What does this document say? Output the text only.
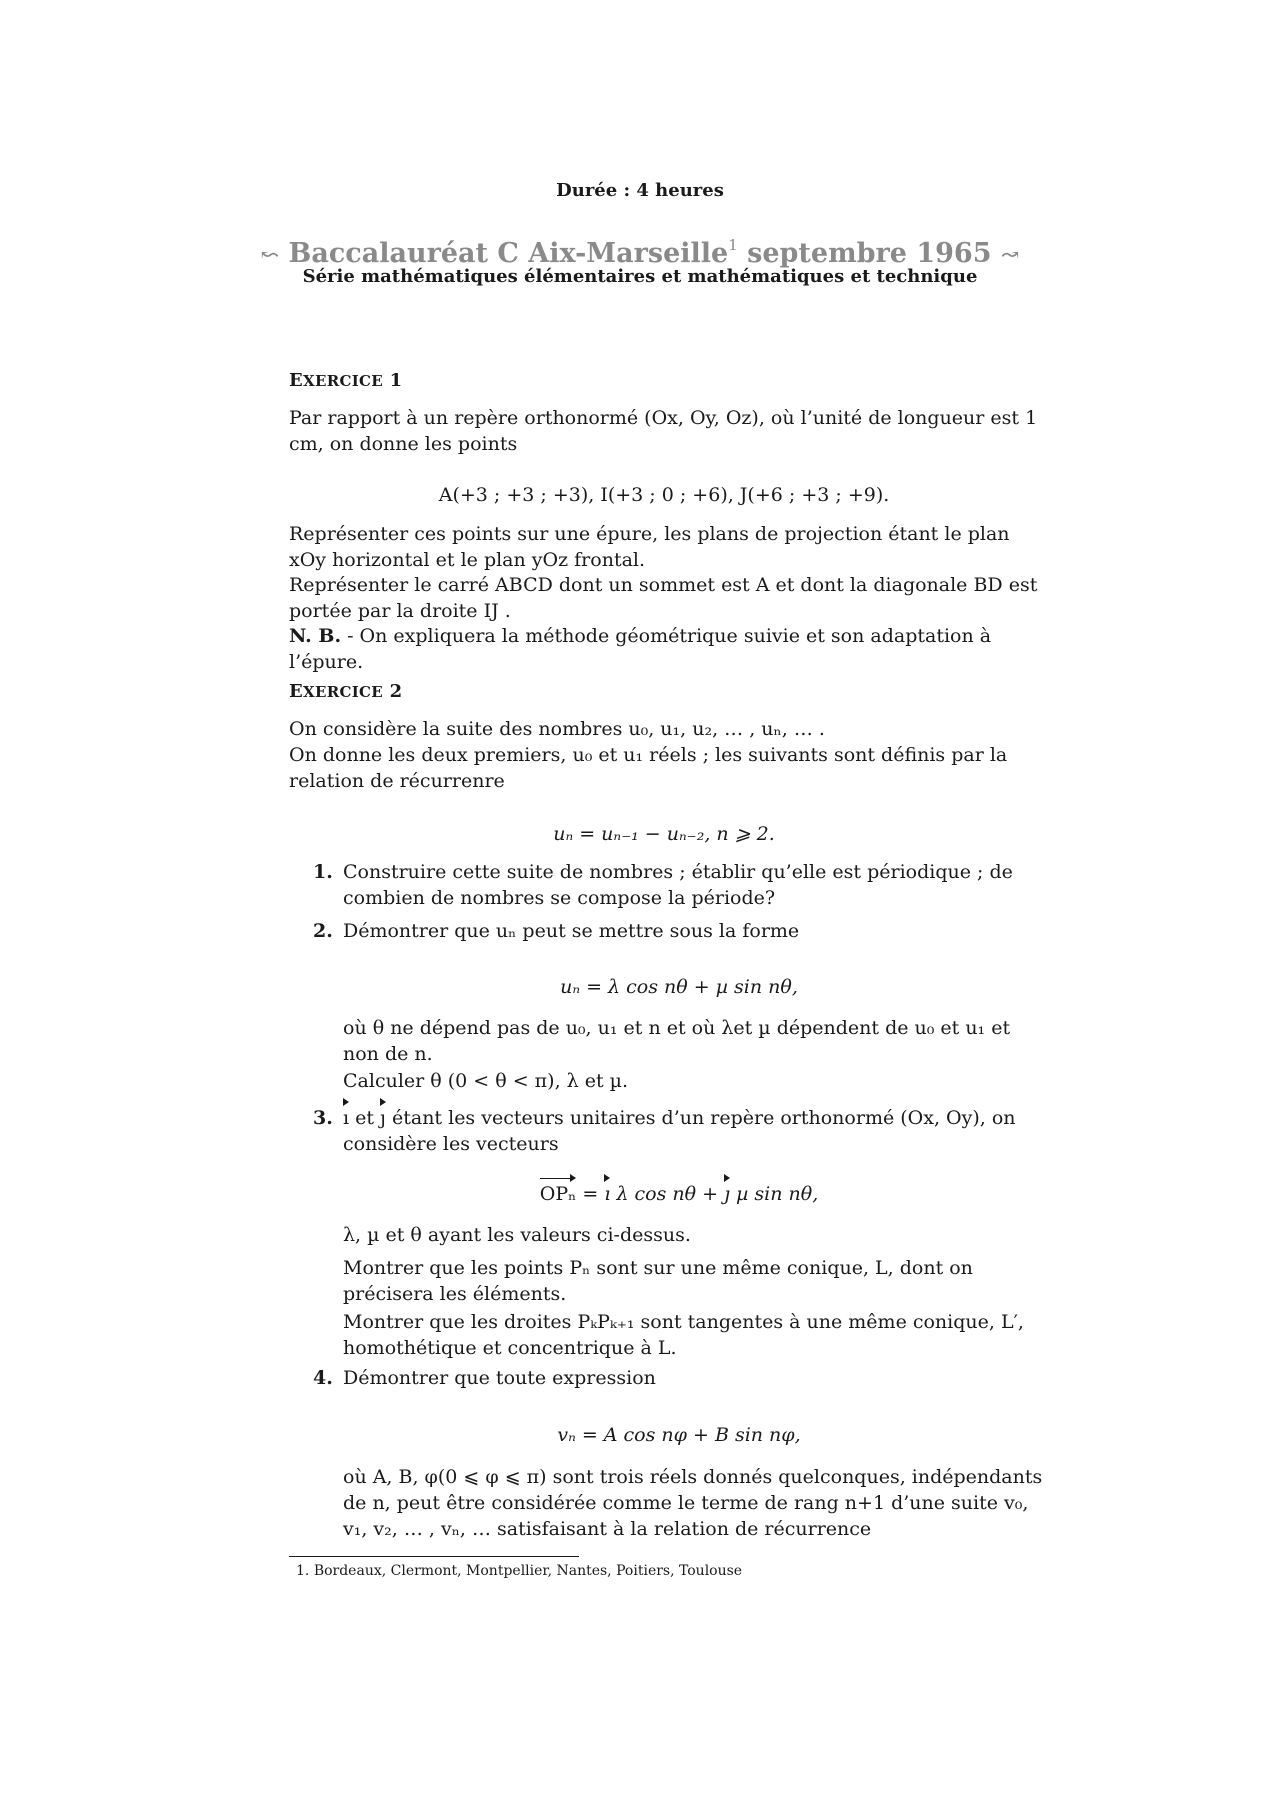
Durée : 4 heures
↜ Baccalauréat C Aix-Marseille$^1$ septembre 1965 ↝
Série mathématiques élémentaires et mathématiques et technique
EXERCICE 1

Par rapport à un repère orthonormé (Ox, Oy, Oz), où l’unité de longueur est 1 cm, on donne les points

A(+3 ; +3 ; +3), I(+3 ; 0 ; +6), J(+6 ; +3 ; +9).

Représenter ces points sur une épure, les plans de projection étant le plan xOy horizontal et le plan yOz frontal.

Représenter le carré ABCD dont un sommet est A et dont la diagonale BD est portée par la droite IJ .

N. B. - On expliquera la méthode géométrique suivie et son adaptation à l’épure.

EXERCICE 2

On considère la suite des nombres u₀, u₁, u₂, … , uₙ, … .

On donne les deux premiers, u₀ et u₁ réels ; les suivants sont définis par la relation de récurrenre

uₙ = uₙ₋₁ − uₙ₋₂, n ⩾ 2.

1. Construire cette suite de nombres ; établir qu’elle est périodique ; de combien de nombres se compose la période?
2. Démontrer que uₙ peut se mettre sous la forme

uₙ = λ cos nθ + µ sin nθ,

où θ ne dépend pas de u₀, u₁ et n et où λet µ dépendent de u₀ et u₁ et non de n.

Calculer θ (0 < θ < π), λ et µ.

3. ı et ȷ étant les vecteurs unitaires d’un repère orthonormé (Ox, Oy), on considère les vecteurs

OPₙ = ı λ cos nθ + ȷ µ sin nθ,

λ, µ et θ ayant les valeurs ci-dessus.

Montrer que les points Pₙ sont sur une même conique, L, dont on précisera les éléments.

Montrer que les droites PₖPₖ₊₁ sont tangentes à une même conique, L′, homothétique et concentrique à L.

4. Démontrer que toute expression

vₙ = A cos nφ + B sin nφ,

où A, B, φ(0 ⩽ φ ⩽ π) sont trois réels donnés quelconques, indépendants de n, peut être considérée comme le terme de rang n+1 d’une suite v₀, v₁, v₂, … , vₙ, … satisfaisant à la relation de récurrence

1. Bordeaux, Clermont, Montpellier, Nantes, Poitiers, Toulouse
